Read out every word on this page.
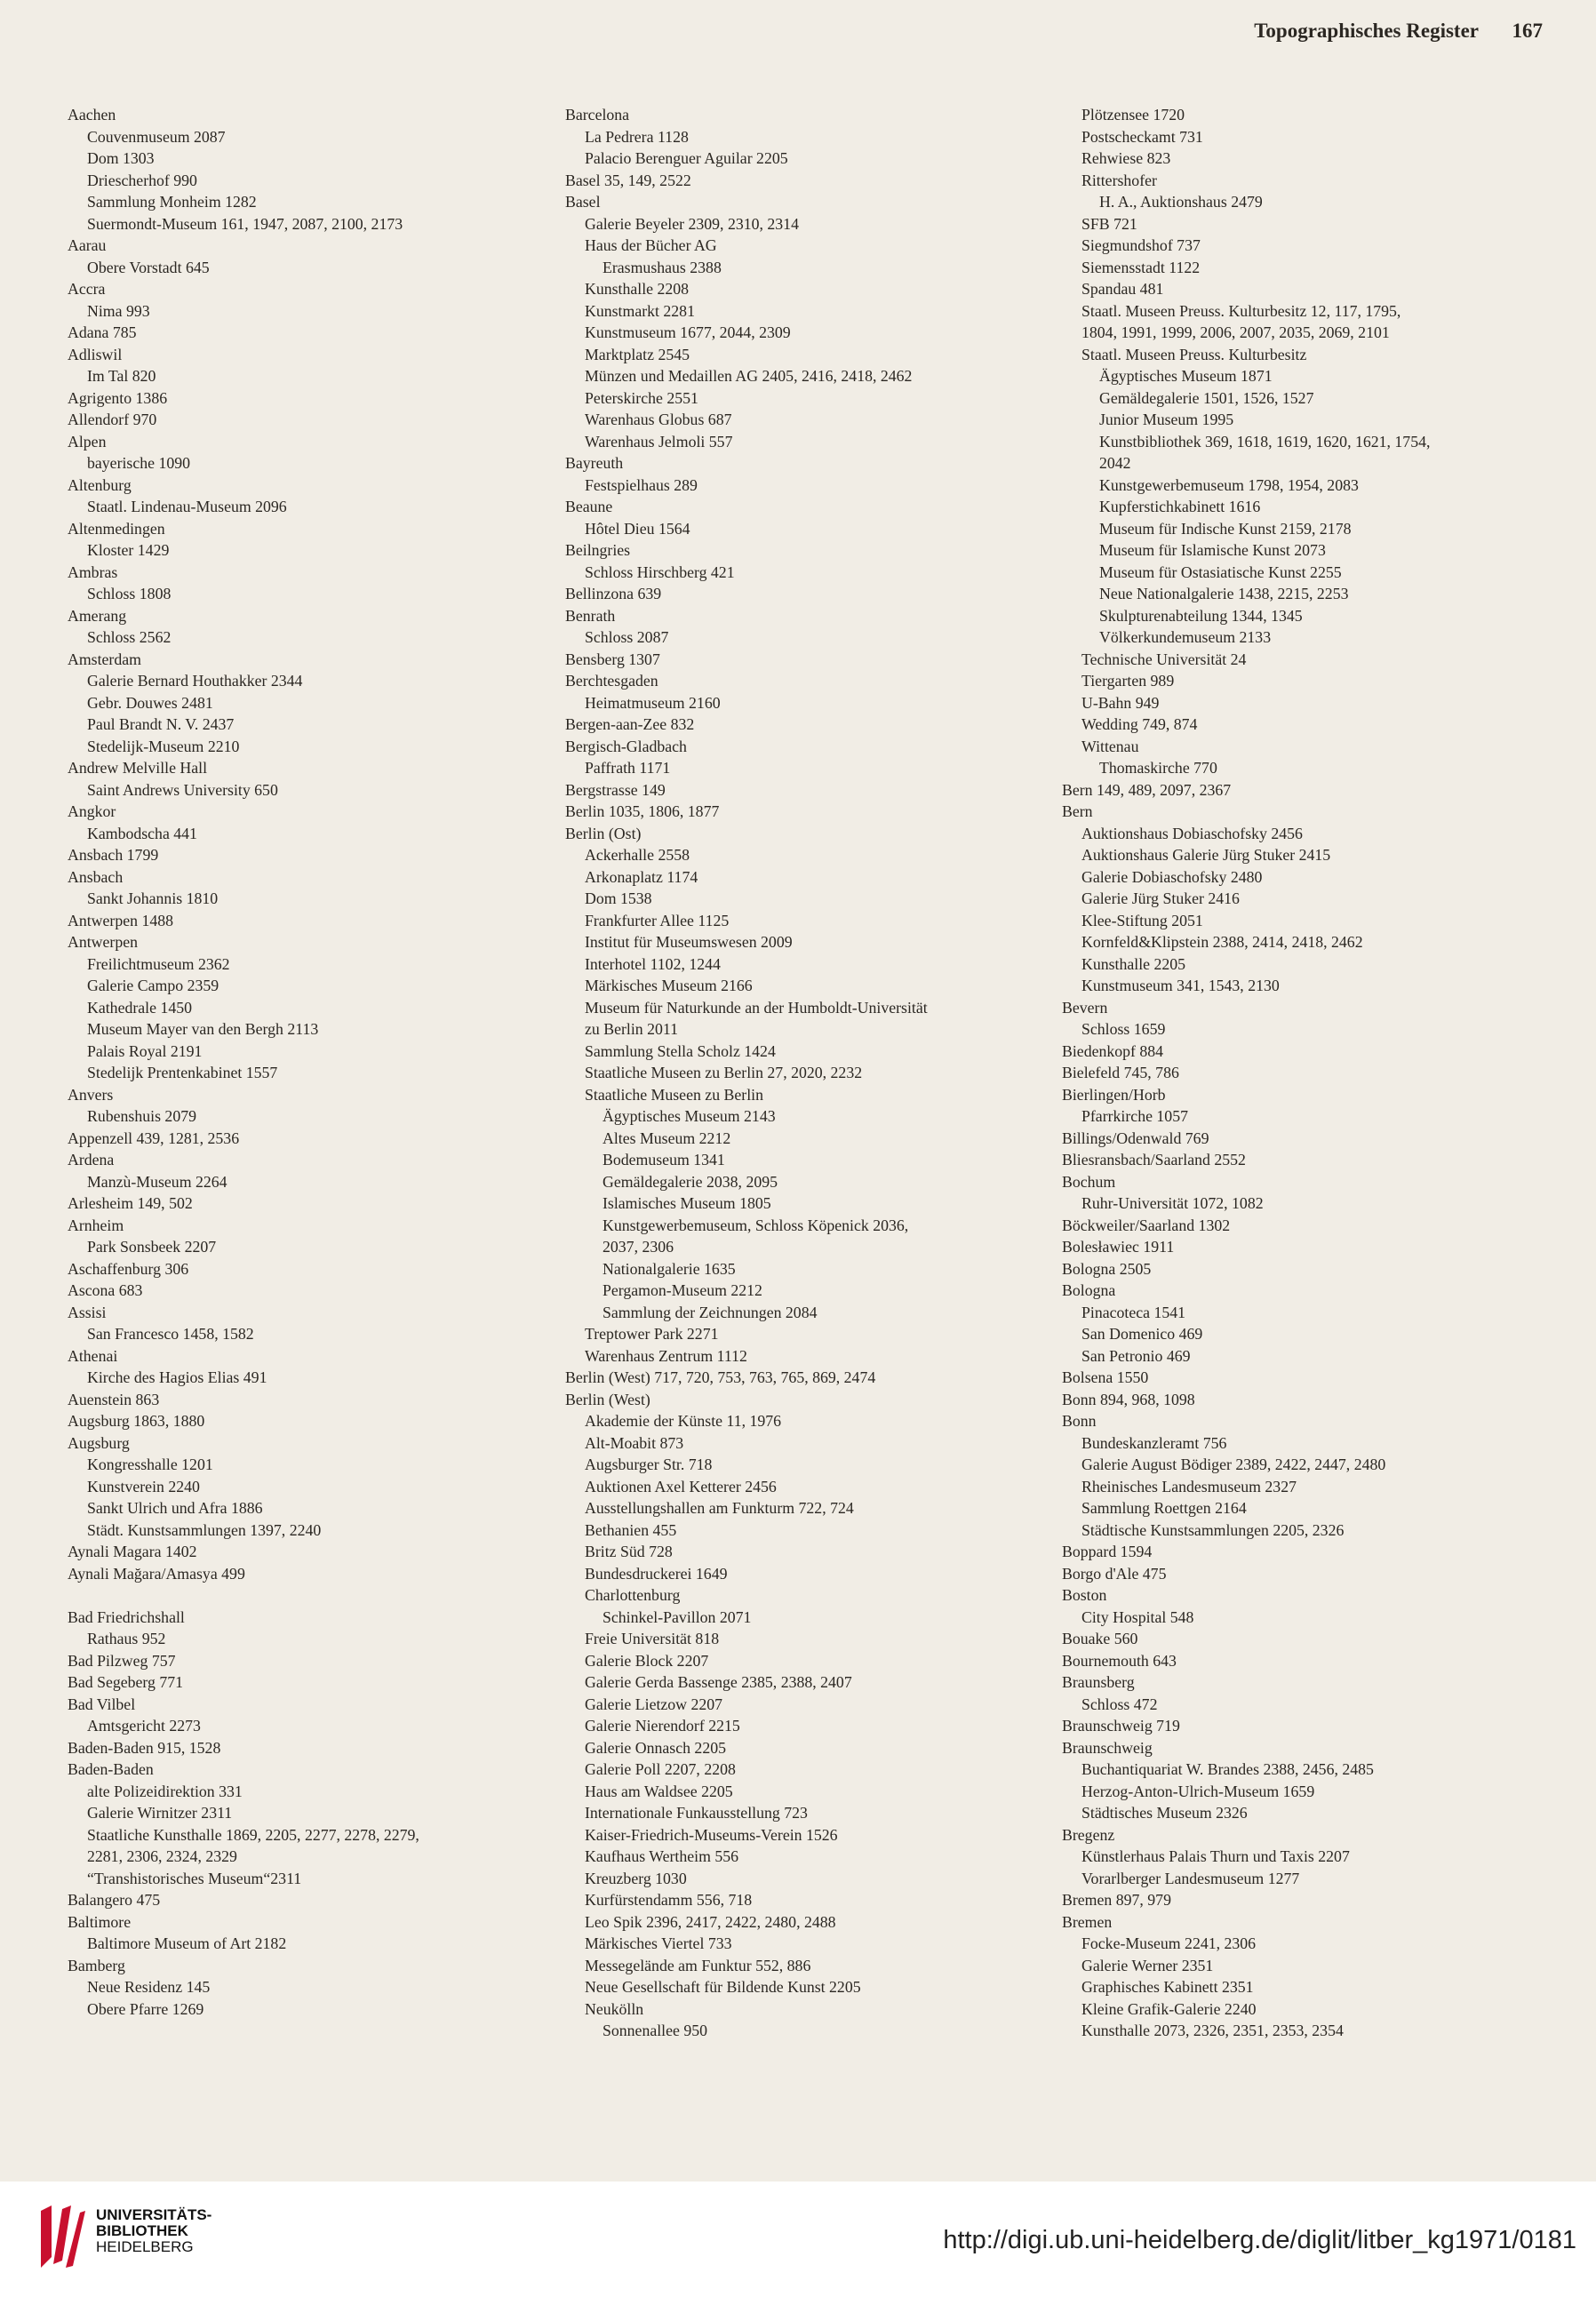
Topographisches Register 167
Aachen
Couvenmuseum 2087
Dom 1303
Driescherhof 990
Sammlung Monheim 1282
Suermondt-Museum 161, 1947, 2087, 2100, 2173
Aarau
Obere Vorstadt 645
Accra
Nima 993
Adana 785
Adliswil
Im Tal 820
Agrigento 1386
Allendorf 970
Alpen
bayerische 1090
Altenburg
Staatl. Lindenau-Museum 2096
Altenmedingen
Kloster 1429
Ambras
Schloss 1808
Amerang
Schloss 2562
Amsterdam
Galerie Bernard Houthakker 2344
Gebr. Douwes 2481
Paul Brandt N. V. 2437
Stedelijk-Museum 2210
Andrew Melville Hall
Saint Andrews University 650
Angkor
Kambodscha 441
Ansbach 1799
Ansbach
Sankt Johannis 1810
Antwerpen 1488
Antwerpen
Freilichtmuseum 2362
Galerie Campo 2359
Kathedrale 1450
Museum Mayer van den Bergh 2113
Palais Royal 2191
Stedelijk Prentenkabinet 1557
Anvers
Rubenshuis 2079
Appenzell 439, 1281, 2536
Ardena
Manzù-Museum 2264
Arlesheim 149, 502
Arnheim
Park Sonsbeek 2207
Aschaffenburg 306
Ascona 683
Assisi
San Francesco 1458, 1582
Athenai
Kirche des Hagios Elias 491
Auenstein 863
Augsburg 1863, 1880
Augsburg
Kongresshalle 1201
Kunstverein 2240
Sankt Ulrich und Afra 1886
Städt. Kunstsammlungen 1397, 2240
Aynali Magara 1402
Aynali Mağara/Amasya 499
Bad Friedrichshall
Rathaus 952
Bad Pilzweg 757
Bad Segeberg 771
Bad Vilbel
Amtsgericht 2273
Baden-Baden 915, 1528
Baden-Baden
alte Polizeidirektion 331
Galerie Wirnitzer 2311
Staatliche Kunsthalle 1869, 2205, 2277, 2278, 2279,
2281, 2306, 2324, 2329
“Transhistorisches Museum“2311
Balangero 475
Baltimore
Baltimore Museum of Art 2182
Bamberg
Neue Residenz 145
Obere Pfarre 1269
Barcelona
La Pedrera 1128
Palacio Berenguer Aguilar 2205
Basel 35, 149, 2522
Basel
Galerie Beyeler 2309, 2310, 2314
Haus der Bücher AG
Erasmushaus 2388
Kunsthalle 2208
Kunstmarkt 2281
Kunstmuseum 1677, 2044, 2309
Marktplatz 2545
Münzen und Medaillen AG 2405, 2416, 2418, 2462
Peterskirche 2551
Warenhaus Globus 687
Warenhaus Jelmoli 557
Bayreuth
Festspielhaus 289
Beaune
Hôtel Dieu 1564
Beilngries
Schloss Hirschberg 421
Bellinzona 639
Benrath
Schloss 2087
Bensberg 1307
Berchtesgaden
Heimatmuseum 2160
Bergen-aan-Zee 832
Bergisch-Gladbach
Paffrath 1171
Bergstrasse 149
Berlin 1035, 1806, 1877
Berlin (Ost)
Ackerhalle 2558
Arkonaplatz 1174
Dom 1538
Frankfurter Allee 1125
Institut für Museumswesen 2009
Interhotel 1102, 1244
Märkisches Museum 2166
Museum für Naturkunde an der Humboldt-Universität
zu Berlin 2011
Sammlung Stella Scholz 1424
Staatliche Museen zu Berlin 27, 2020, 2232
Staatliche Museen zu Berlin
Ägyptisches Museum 2143
Altes Museum 2212
Bodemuseum 1341
Gemäldegalerie 2038, 2095
Islamisches Museum 1805
Kunstgewerbemuseum, Schloss Köpenick 2036,
2037, 2306
Nationalgalerie 1635
Pergamon-Museum 2212
Sammlung der Zeichnungen 2084
Treptower Park 2271
Warenhaus Zentrum 1112
Berlin (West) 717, 720, 753, 763, 765, 869, 2474
Berlin (West)
Akademie der Künste 11, 1976
Alt-Moabit 873
Augsburger Str. 718
Auktionen Axel Ketterer 2456
Ausstellungshallen am Funkturm 722, 724
Bethanien 455
Britz Süd 728
Bundesdruckerei 1649
Charlottenburg
Schinkel-Pavillon 2071
Freie Universität 818
Galerie Block 2207
Galerie Gerda Bassenge 2385, 2388, 2407
Galerie Lietzow 2207
Galerie Nierendorf 2215
Galerie Onnasch 2205
Galerie Poll 2207, 2208
Haus am Waldsee 2205
Internationale Funkausstellung 723
Kaiser-Friedrich-Museums-Verein 1526
Kaufhaus Wertheim 556
Kreuzberg 1030
Kurfürstendamm 556, 718
Leo Spik 2396, 2417, 2422, 2480, 2488
Märkisches Viertel 733
Messegelände am Funktur 552, 886
Neue Gesellschaft für Bildende Kunst 2205
Neukölln
Sonnenallee 950
Plötzensee 1720
Postscheckamt 731
Rehwiese 823
Rittershofer
H. A., Auktionshaus 2479
SFB 721
Siegmundshof 737
Siemensstadt 1122
Spandau 481
Staatl. Museen Preuss. Kulturbesitz 12, 117, 1795,
1804, 1991, 1999, 2006, 2007, 2035, 2069, 2101
Staatl. Museen Preuss. Kulturbesitz
Ägyptisches Museum 1871
Gemäldegalerie 1501, 1526, 1527
Junior Museum 1995
Kunstbibliothek 369, 1618, 1619, 1620, 1621, 1754,
2042
Kunstgewerbemuseum 1798, 1954, 2083
Kupferstichkabinett 1616
Museum für Indische Kunst 2159, 2178
Museum für Islamische Kunst 2073
Museum für Ostasiatische Kunst 2255
Neue Nationalgalerie 1438, 2215, 2253
Skulpturenabteilung 1344, 1345
Völkerkundemuseum 2133
Technische Universität 24
Tiergarten 989
U-Bahn 949
Wedding 749, 874
Wittenau
Thomaskirche 770
Bern 149, 489, 2097, 2367
Bern
Auktionshaus Dobiaschofsky 2456
Auktionshaus Galerie Jürg Stuker 2415
Galerie Dobiaschofsky 2480
Galerie Jürg Stuker 2416
Klee-Stiftung 2051
Kornfeld&Klipstein 2388, 2414, 2418, 2462
Kunsthalle 2205
Kunstmuseum 341, 1543, 2130
Bevern
Schloss 1659
Biedenkopf 884
Bielefeld 745, 786
Bierlingen/Horb
Pfarrkirche 1057
Billings/Odenwald 769
Bliesransbach/Saarland 2552
Bochum
Ruhr-Universität 1072, 1082
Böckweiler/Saarland 1302
Bolesławiec 1911
Bologna 2505
Bologna
Pinacoteca 1541
San Domenico 469
San Petronio 469
Bolsena 1550
Bonn 894, 968, 1098
Bonn
Bundeskanzleramt 756
Galerie August Bödiger 2389, 2422, 2447, 2480
Rheinisches Landesmuseum 2327
Sammlung Roettgen 2164
Städtische Kunstsammlungen 2205, 2326
Boppard 1594
Borgo d'Ale 475
Boston
City Hospital 548
Bouake 560
Bournemouth 643
Braunsberg
Schloss 472
Braunschweig 719
Braunschweig
Buchantiquariat W. Brandes 2388, 2456, 2485
Herzog-Anton-Ulrich-Museum 1659
Städtisches Museum 2326
Bregenz
Künstlerhaus Palais Thurn und Taxis 2207
Vorarlberger Landesmuseum 1277
Bremen 897, 979
Bremen
Focke-Museum 2241, 2306
Galerie Werner 2351
Graphisches Kabinett 2351
Kleine Grafik-Galerie 2240
Kunsthalle 2073, 2326, 2351, 2353, 2354
UNIVERSITÄTS-
BIBLIOTHEK
HEIDELBERG	http://digi.ub.uni-heidelberg.de/diglit/litber_kg1971/0181
